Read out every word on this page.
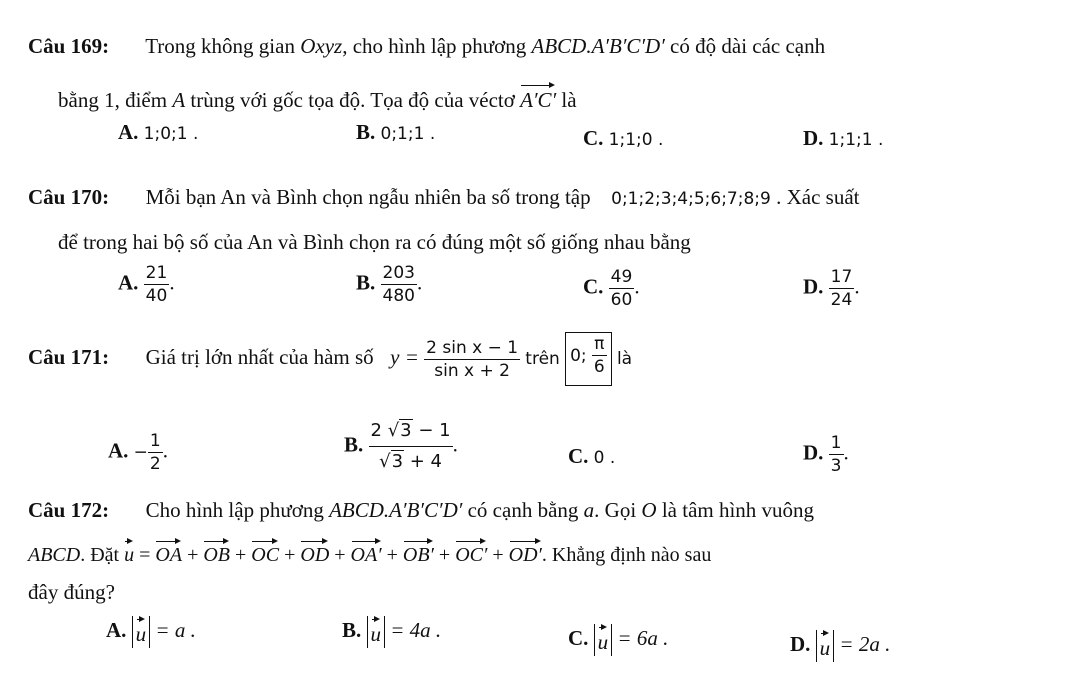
Câu 169: Trong không gian Oxyz, cho hình lập phương ABCD.A′B′C′D′ có độ dài các cạnh
bằng 1, điểm A trùng với gốc tọa độ. Tọa độ của véctơ A′C′ là
A. 1;0;1 .	B. 0;1;1 .	C. 1;1;0 .	D. 1;1;1 .
Câu 170: Mỗi bạn An và Bình chọn ngẫu nhiên ba số trong tập 0;1;2;3;4;5;6;7;8;9 . Xác suất
để trong hai bộ số của An và Bình chọn ra có đúng một số giống nhau bằng
A. $\frac{21}{40}$ .	B. $\frac{203}{480}$ .	C. $\frac{49}{60}$ .	D. $\frac{17}{24}$ .
Câu 171: Giá trị lớn nhất của hàm số $y = \frac{\text{2 sin x − 1}}{\text{sin x + 2}}$ trên 0; $\frac{\pi}{6}$ là
A. − $\frac{1}{2}$ .	B. $\frac{2 √3 - 1}{√3 + 4}$ .	C. 0 .	D. $\frac{1}{3}$ .
Câu 172: Cho hình lập phương ABCD.A′B′C′D′ có cạnh bằng a. Gọi O là tâm hình vuông
ABCD. Đặt u = OA + OB + OC + OD + OA′ + OB′ + OC′ + OD′. Khẳng định nào sau
đây đúng?
A. u = a .	B. u = 4a .	C. u = 6a .	D. u = 2a .
